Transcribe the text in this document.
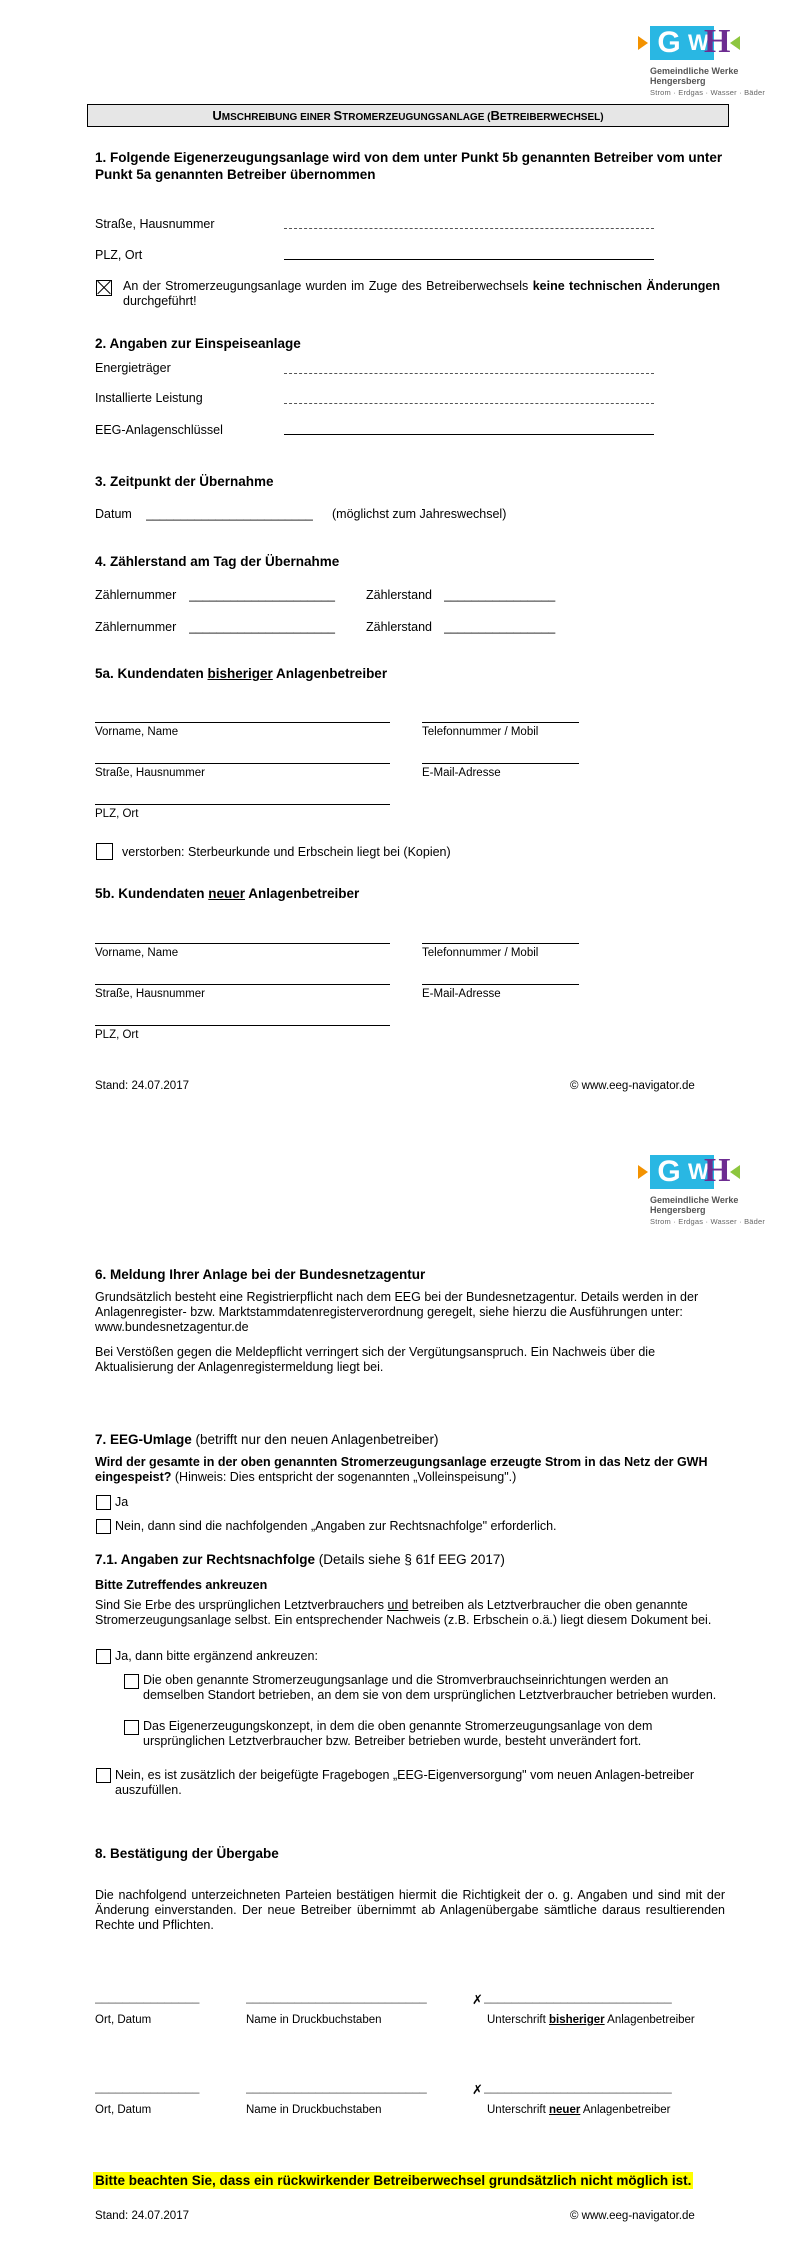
G W
H
Gemeindliche Werke
Hengersberg
Strom · Erdgas · Wasser · Bäder
UMSCHREIBUNG EINER STROMERZEUGUNGSANLAGE (BETREIBERWECHSEL)
1. Folgende Eigenerzeugungsanlage wird von dem unter Punkt 5b genannten Betreiber vom unter Punkt 5a genannten Betreiber übernommen
Straße, Hausnummer
PLZ, Ort
An der Stromerzeugungsanlage wurden im Zuge des Betreiberwechsels keine technischen Änderungen durchgeführt!
2. Angaben zur Einspeiseanlage
Energieträger
Installierte Leistung
EEG-Anlagenschlüssel
3. Zeitpunkt der Übernahme
Datum ________________________	(möglichst zum Jahreswechsel)
4. Zählerstand am Tag der Übernahme
Zählernummer _____________________	Zählerstand ________________
Zählernummer _____________________	Zählerstand ________________
5a. Kundendaten bisheriger Anlagenbetreiber
Vorname, Name	Telefonnummer / Mobil
Straße, Hausnummer	E-Mail-Adresse
PLZ, Ort
verstorben: Sterbeurkunde und Erbschein liegt bei (Kopien)
5b. Kundendaten neuer Anlagenbetreiber
Vorname, Name	Telefonnummer / Mobil
Straße, Hausnummer	E-Mail-Adresse
PLZ, Ort
Stand: 24.07.2017	© www.eeg-navigator.de
G W
H
Gemeindliche Werke
Hengersberg
Strom · Erdgas · Wasser · Bäder
6. Meldung Ihrer Anlage bei der Bundesnetzagentur
Grundsätzlich besteht eine Registrierpflicht nach dem EEG bei der Bundesnetzagentur. Details werden in der Anlagenregister- bzw. Marktstammdatenregisterverordnung geregelt, siehe hierzu die Ausführungen unter: www.bundesnetzagentur.de
Bei Verstößen gegen die Meldepflicht verringert sich der Vergütungsanspruch. Ein Nachweis über die Aktualisierung der Anlagenregistermeldung liegt bei.
7. EEG-Umlage (betrifft nur den neuen Anlagenbetreiber)
Wird der gesamte in der oben genannten Stromerzeugungsanlage erzeugte Strom in das Netz der GWH eingespeist? (Hinweis: Dies entspricht der sogenannten „Volleinspeisung".)
Ja
Nein, dann sind die nachfolgenden „Angaben zur Rechtsnachfolge" erforderlich.
7.1. Angaben zur Rechtsnachfolge (Details siehe § 61f EEG 2017)
Bitte Zutreffendes ankreuzen
Sind Sie Erbe des ursprünglichen Letztverbrauchers und betreiben als Letztverbraucher die oben genannte Stromerzeugungsanlage selbst. Ein entsprechender Nachweis (z.B. Erbschein o.ä.) liegt diesem Dokument bei.
Ja, dann bitte ergänzend ankreuzen:
Die oben genannte Stromerzeugungsanlage und die Stromverbrauchseinrichtungen werden an demselben Standort betrieben, an dem sie von dem ursprünglichen Letztverbraucher betrieben wurden.
Das Eigenerzeugungskonzept, in dem die oben genannte Stromerzeugungsanlage von dem ursprünglichen Letztverbraucher bzw. Betreiber betrieben wurde, besteht unverändert fort.
Nein, es ist zusätzlich der beigefügte Fragebogen „EEG-Eigenversorgung" vom neuen Anlagen-betreiber auszufüllen.
8. Bestätigung der Übergabe
Die nachfolgend unterzeichneten Parteien bestätigen hiermit die Richtigkeit der o. g. Angaben und sind mit der Änderung einverstanden. Der neue Betreiber übernimmt ab Anlagenübergabe sämtliche daraus resultierenden Rechte und Pflichten.
_______________	__________________________	✗ ___________________________
Ort, Datum	Name in Druckbuchstaben	Unterschrift bisheriger Anlagenbetreiber
_______________	__________________________	✗ ___________________________
Ort, Datum	Name in Druckbuchstaben	Unterschrift neuer Anlagenbetreiber
Bitte beachten Sie, dass ein rückwirkender Betreiberwechsel grundsätzlich nicht möglich ist.
Stand: 24.07.2017	© www.eeg-navigator.de
